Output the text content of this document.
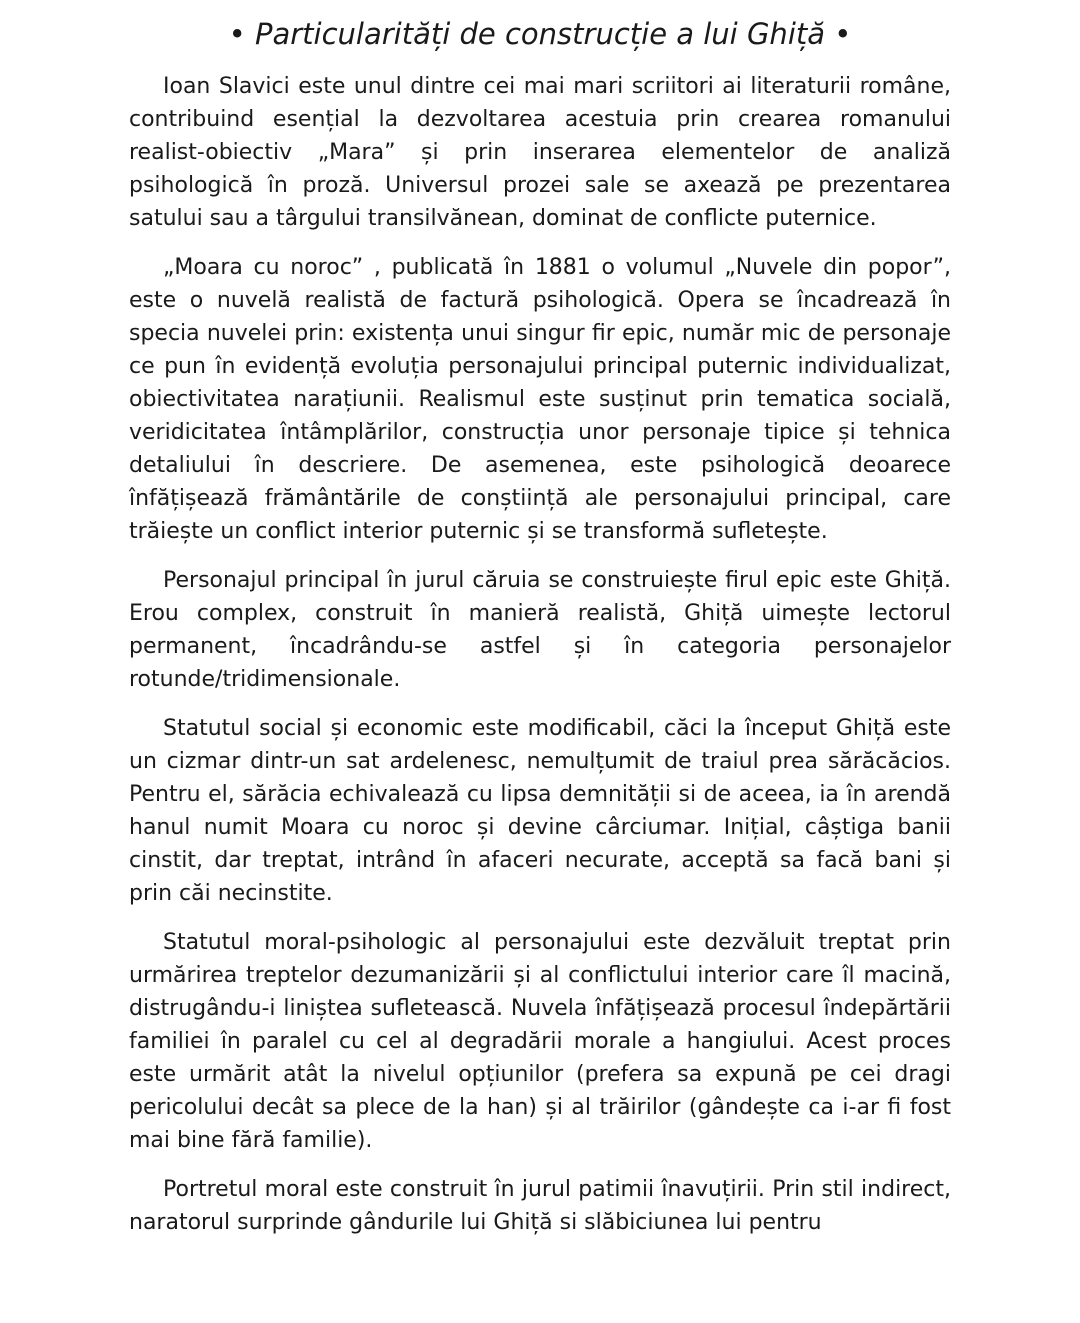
• Particularități de construcție a lui Ghiță •

Ioan Slavici este unul dintre cei mai mari scriitori ai literaturii române, contribuind esențial la dezvoltarea acestuia prin crearea romanului realist-obiectiv „Mara” și prin inserarea elementelor de analiză psihologică în proză. Universul prozei sale se axează pe prezentarea satului sau a târgului transilvănean, dominat de conflicte puternice.

„Moara cu noroc” , publicată în 1881 o volumul „Nuvele din popor”, este o nuvelă realistă de factură psihologică. Opera se încadrează în specia nuvelei prin: existența unui singur fir epic, număr mic de personaje ce pun în evidență evoluția personajului principal puternic individualizat, obiectivitatea narațiunii. Realismul este susținut prin tematica socială, veridicitatea întâmplărilor, construcția unor personaje tipice și tehnica detaliului în descriere. De asemenea, este psihologică deoarece înfățișează frământările de conștiință ale personajului principal, care trăiește un conflict interior puternic și se transformă sufletește.

Personajul principal în jurul căruia se construiește firul epic este Ghiță. Erou complex, construit în manieră realistă, Ghiță uimește lectorul permanent, încadrându-se astfel și în categoria personajelor rotunde/tridimensionale.

Statutul social și economic este modificabil, căci la început Ghiță este un cizmar dintr-un sat ardelenesc, nemulțumit de traiul prea sărăcăcios. Pentru el, sărăcia echivalează cu lipsa demnității si de aceea, ia în arendă hanul numit Moara cu noroc și devine cârciumar. Inițial, câștiga banii cinstit, dar treptat, intrând în afaceri necurate, acceptă sa facă bani și prin căi necinstite.

Statutul moral-psihologic al personajului este dezvăluit treptat prin urmărirea treptelor dezumanizării și al conflictului interior care îl macină, distrugându-i liniștea sufletească. Nuvela înfățișează procesul îndepărtării familiei în paralel cu cel al degradării morale a hangiului. Acest proces este urmărit atât la nivelul opțiunilor (prefera sa expună pe cei dragi pericolului decât sa plece de la han) și al trăirilor (gândește ca i-ar fi fost mai bine fără familie).

Portretul moral este construit în jurul patimii înavuțirii. Prin stil indirect, naratorul surprinde gândurile lui Ghiță si slăbiciunea lui pentru
